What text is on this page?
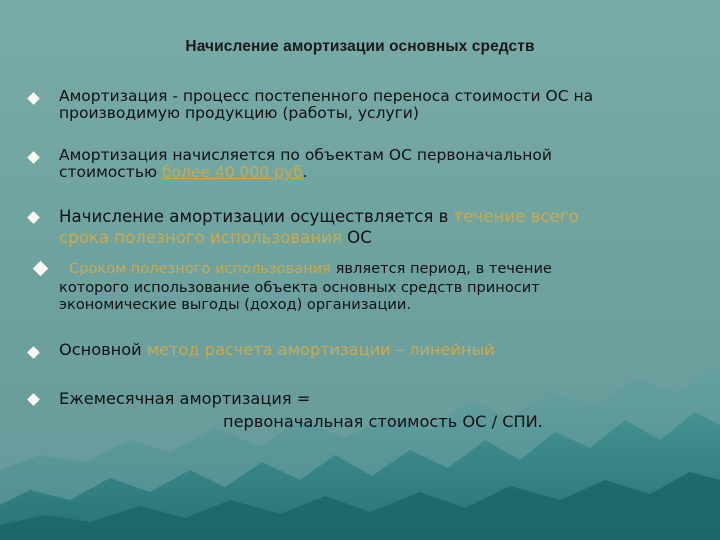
Начисление амортизации основных средств
Амортизация - процесс постепенного переноса стоимости ОС на
производимую продукцию (работы, услуги)
Амортизация начисляется по объектам ОС первоначальной
стоимостью более 40 000 руб.
Начисление амортизации осуществляется в течение всего
срока полезного использования ОС
Сроком полезного использования является период, в течение
которого использование объекта основных средств приносит
экономические выгоды (доход) организации.
Основной метод расчета амортизации – линейный
Ежемесячная амортизация =
первоначальная стоимость ОС / СПИ.
